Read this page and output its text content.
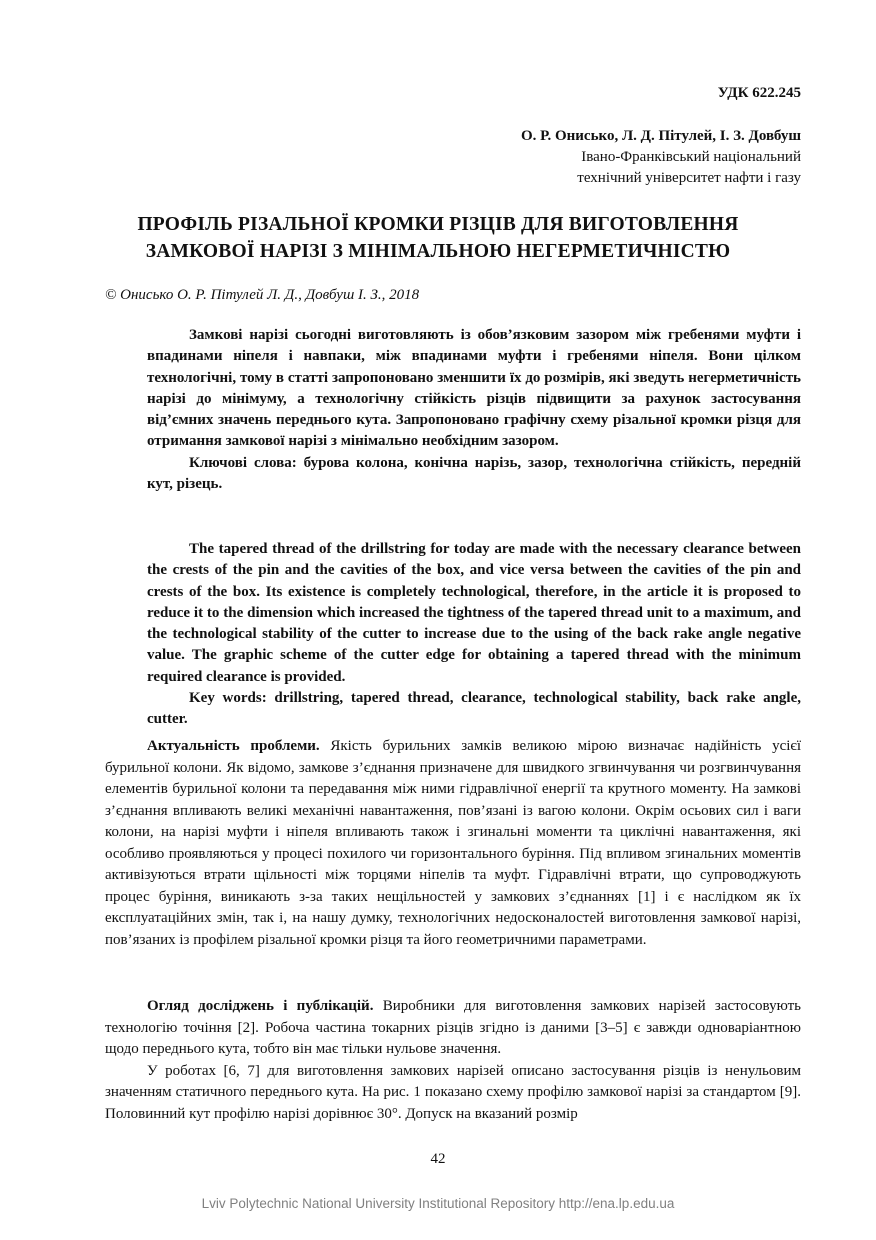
УДК 622.245
О. Р. Онисько, Л. Д. Пітулей, І. З. Довбуш
Івано-Франківський національний
технічний університет нафти і газу
ПРОФІЛЬ РІЗАЛЬНОЇ КРОМКИ РІЗЦІВ ДЛЯ ВИГОТОВЛЕННЯ
ЗАМКОВОЇ НАРІЗІ З МІНІМАЛЬНОЮ НЕГЕРМЕТИЧНІСТЮ
© Онисько О. Р. Пітулей Л. Д., Довбуш І. З., 2018

Замкові нарізі сьогодні виготовляють із обов’язковим зазором між гребенями муфти і впадинами ніпеля і навпаки, між впадинами муфти і гребенями ніпеля. Вони цілком технологічні, тому в статті запропоновано зменшити їх до розмірів, які зведуть негерметичність нарізі до мінімуму, а технологічну стійкість різців підвищити за рахунок застосування від’ємних значень переднього кута. Запропоновано графічну схему різальної кромки різця для отримання замкової нарізі з мінімально необхідним зазором.

Ключові слова: бурова колона, конічна нарізь, зазор, технологічна стійкість, передній кут, різець.

The tapered thread of the drillstring for today are made with the necessary clearance between the crests of the pin and the cavities of the box, and vice versa between the cavities of the pin and crests of the box. Its existence is completely technological, therefore, in the article it is proposed to reduce it to the dimension which increased the tightness of the tapered thread unit to a maximum, and the technological stability of the cutter to increase due to the using of the back rake angle negative value. The graphic scheme of the cutter edge for obtaining a tapered thread with the minimum required clearance is provided.

Key words: drillstring, tapered thread, clearance, technological stability, back rake angle, cutter.

Актуальність проблеми. Якість бурильних замків великою мірою визначає надійність усієї бурильної колони. Як відомо, замкове з’єднання призначене для швидкого згвинчування чи розгвинчування елементів бурильної колони та передавання між ними гідравлічної енергії та крутного моменту. На замкові з’єднання впливають великі механічні навантаження, пов’язані із вагою колони. Окрім осьових сил і ваги колони, на нарізі муфти і ніпеля впливають також і згинальні моменти та циклічні навантаження, які особливо проявляються у процесі похилого чи горизонтального буріння. Під впливом згинальних моментів активізуються втрати щільності між торцями ніпелів та муфт. Гідравлічні втрати, що супроводжують процес буріння, виникають з-за таких нещільностей у замкових з’єднаннях [1] і є наслідком як їх експлуатаційних змін, так і, на нашу думку, технологічних недосконалостей виготовлення замкової нарізі, пов’язаних із профілем різальної кромки різця та його геометричними параметрами.

Огляд досліджень і публікацій. Виробники для виготовлення замкових нарізей застосовують технологію точіння [2]. Робоча частина токарних різців згідно із даними [3–5] є завжди одноваріантною щодо переднього кута, тобто він має тільки нульове значення.

У роботах [6, 7] для виготовлення замкових нарізей описано застосування різців із ненульовим значенням статичного переднього кута. На рис. 1 показано схему профілю замкової нарізі за стандартом [9]. Половинний кут профілю нарізі дорівнює 30°. Допуск на вказаний розмір

42
Lviv Polytechnic National University Institutional Repository http://ena.lp.edu.ua
